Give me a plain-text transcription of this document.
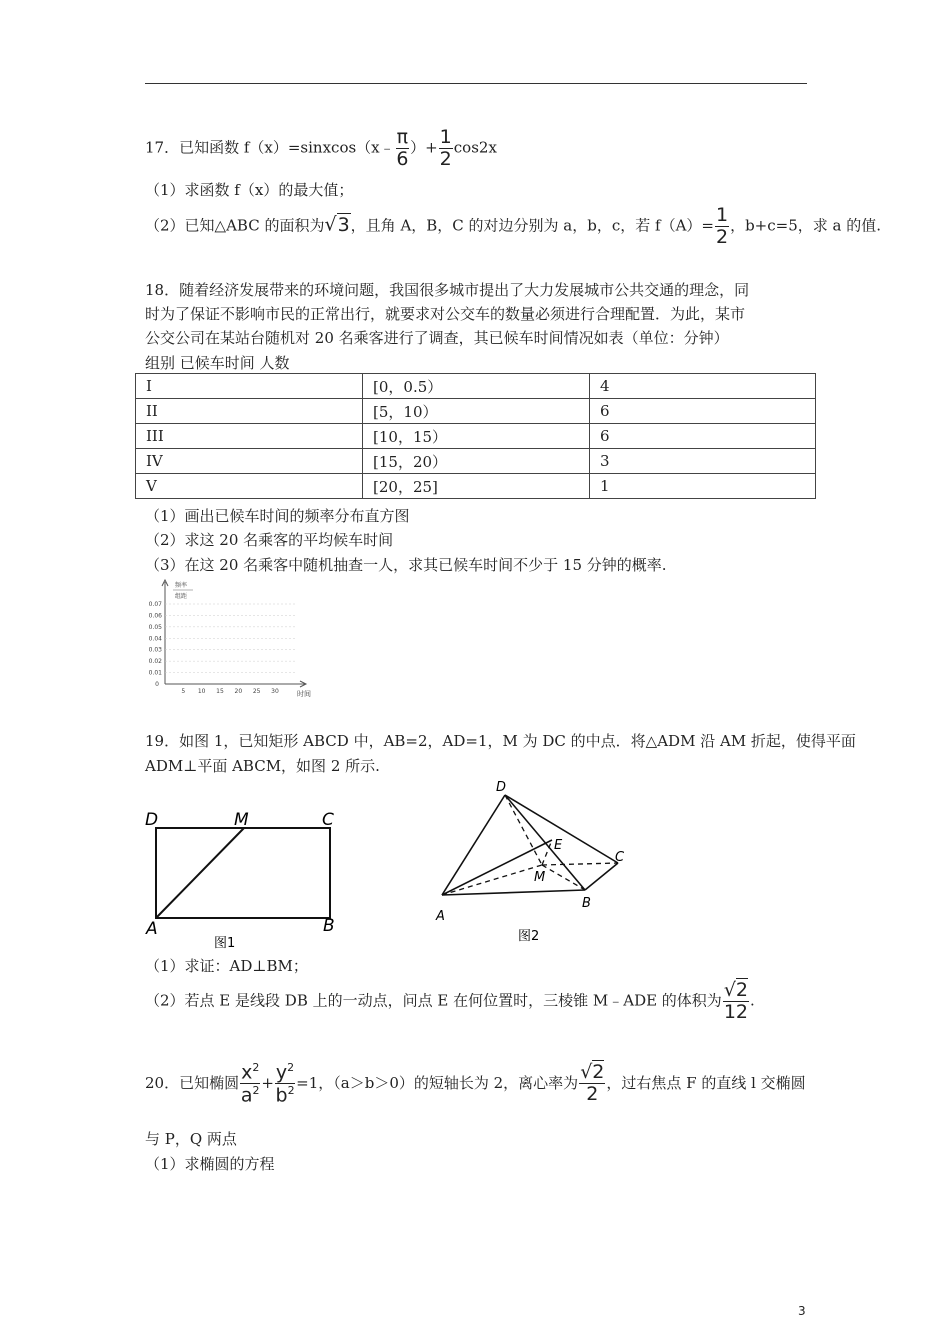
17．已知函数 f（x）=sinxcos（x﹣ $\frac{\pi}{6}$ ）+ $\frac{1}{2} \cos 2x$
（1）求函数 f（x）的最大值；
（2）已知△ABC 的面积为√3，且角 A，B，C 的对边分别为 a，b，c，若 $f(A)= \frac{1}{2}$ ，b+c=5，求 a 的值.
18．随着经济发展带来的环境问题，我国很多城市提出了大力发展城市公共交通的理念，同
时为了保证不影响市民的正常出行，就要求对公交车的数量必须进行合理配置．为此，某市
公交公司在某站台随机对 20 名乘客进行了调查，其已候车时间情况如表（单位：分钟）
组别 已候车时间 人数
I	[0，0.5）	4
II	[5，10）	6
III	[10，15）	6
IV	[15，20）	3
V	[20，25]	1
（1）画出已候车时间的频率分布直方图
（2）求这 20 名乘客的平均候车时间
（3）在这 20 名乘客中随机抽查一人，求其已候车时间不少于 15 分钟的概率.
0.07
0.06
0.05
0.04
0.03
0.02
0.01
5 10 15 20 25 30
0
时间
频率
组距
19．如图 1，已知矩形 ABCD 中，AB=2，AD=1，M 为 DC 的中点．将△ADM 沿 AM 折起，使得平面
ADM⊥平面 ABCM，如图 2 所示.
D	M	C
A	B
图1
D
E
C
M
A
B
图2
（1）求证：AD⊥BM；
（2）若点 E 是线段 DB 上的一动点，问点 E 在何位置时，三棱锥 M﹣ADE 的体积为 $\frac{√2}{12}$ .
20．已知椭圆 $\frac{x^2}{a^2} + \frac{y^2}{b^2} =1$，（a＞b＞0）的短轴长为 2，离心率为 $\frac{√2}{2}$ ，过右焦点 F 的直线 l 交椭圆
与 P，Q 两点
（1）求椭圆的方程
3
